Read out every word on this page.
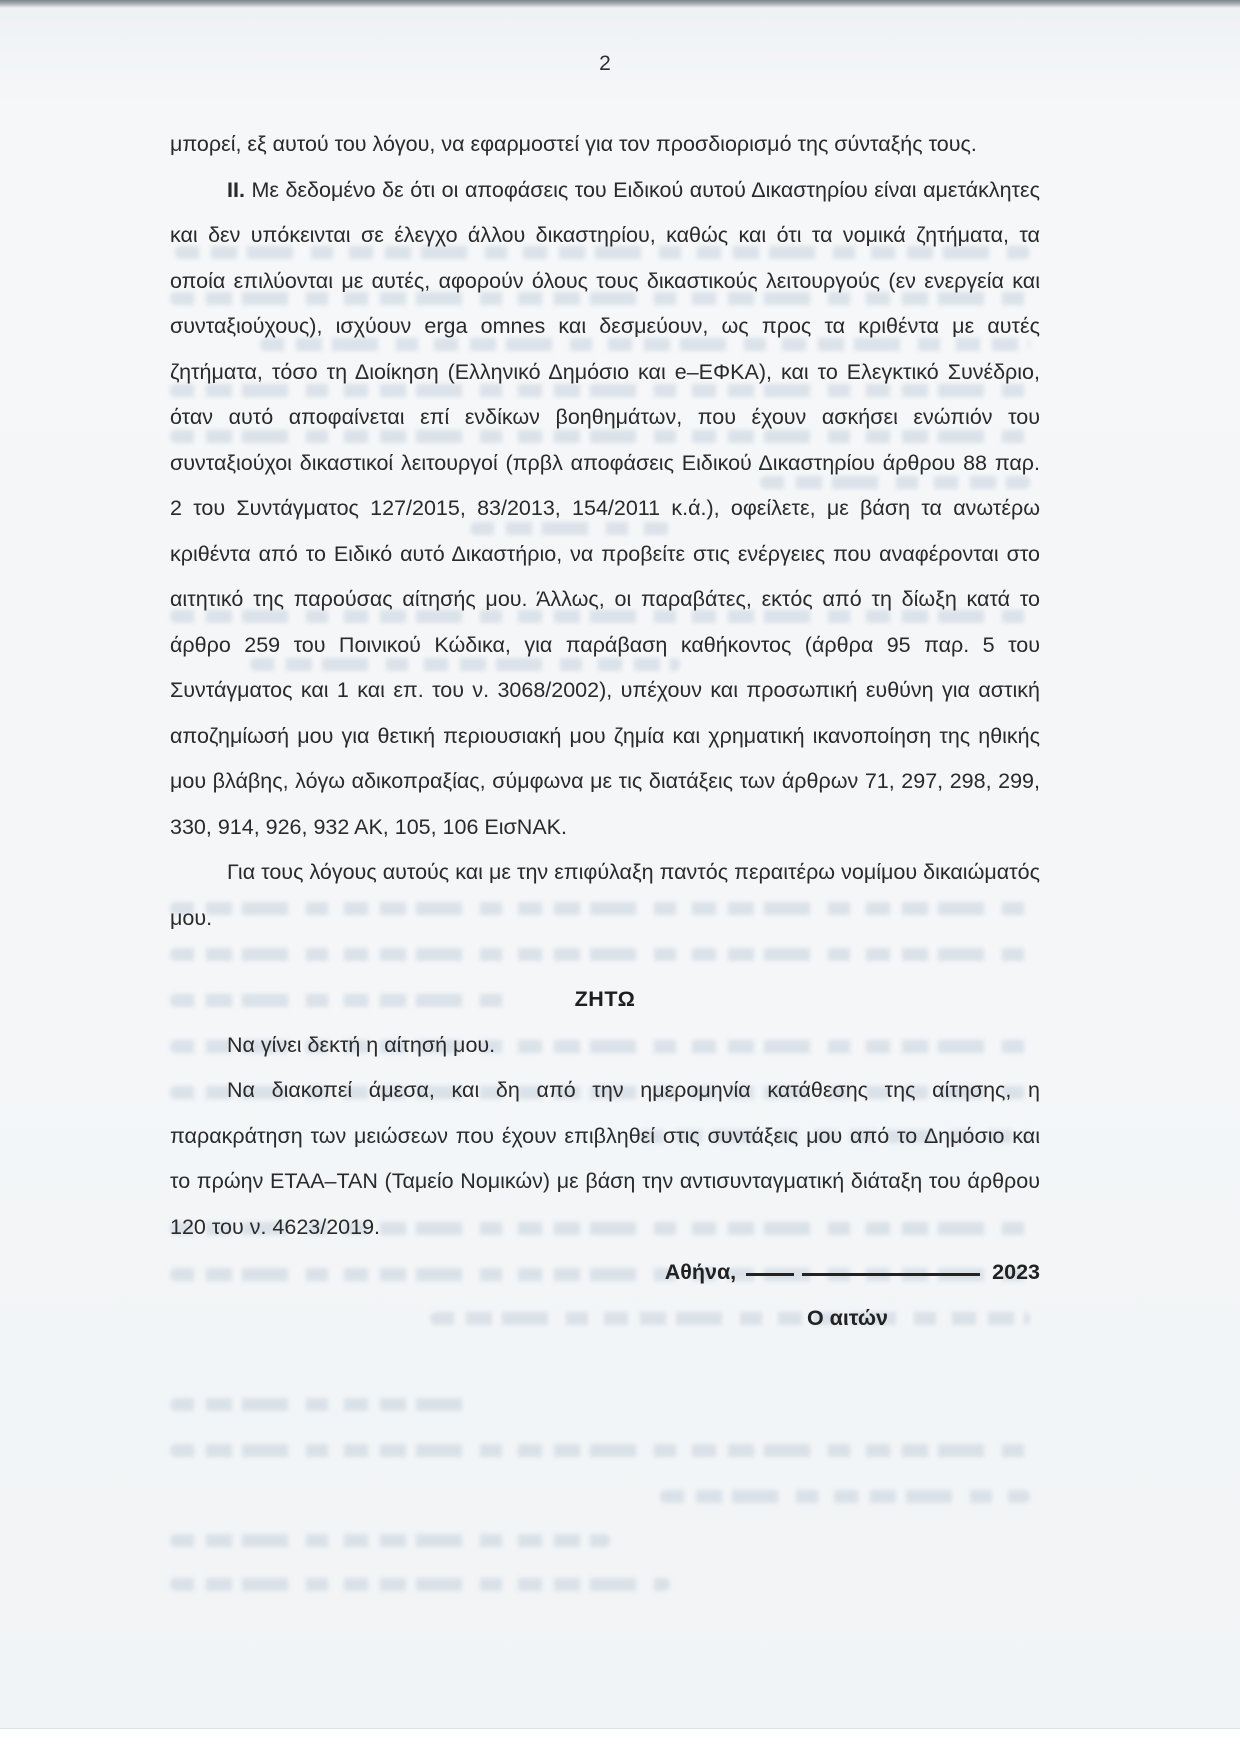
2

μπορεί, εξ αυτού του λόγου, να εφαρμοστεί για τον προσδιορισμό της σύνταξής τους.

II. Με δεδομένο δε ότι οι αποφάσεις του Ειδικού αυτού Δικαστηρίου είναι αμετάκλητες και δεν υπόκεινται σε έλεγχο άλλου δικαστηρίου, καθώς και ότι τα νομικά ζητήματα, τα οποία επιλύονται με αυτές, αφορούν όλους τους δικαστικούς λειτουργούς (εν ενεργεία και συνταξιούχους), ισχύουν erga omnes και δεσμεύουν, ως προς τα κριθέντα με αυτές ζητήματα, τόσο τη Διοίκηση (Ελληνικό Δημόσιο και e–ΕΦΚΑ), και το Ελεγκτικό Συνέδριο, όταν αυτό αποφαίνεται επί ενδίκων βοηθημάτων, που έχουν ασκήσει ενώπιόν του συνταξιούχοι δικαστικοί λειτουργοί (πρβλ αποφάσεις Ειδικού Δικαστηρίου άρθρου 88 παρ. 2 του Συντάγματος 127/2015, 83/2013, 154/2011 κ.ά.), οφείλετε, με βάση τα ανωτέρω κριθέντα από το Ειδικό αυτό Δικαστήριο, να προβείτε στις ενέργειες που αναφέρονται στο αιτητικό της παρούσας αίτησής μου. Άλλως, οι παραβάτες, εκτός από τη δίωξη κατά το άρθρο 259 του Ποινικού Κώδικα, για παράβαση καθήκοντος (άρθρα 95 παρ. 5 του Συντάγματος και 1 και επ. του ν. 3068/2002), υπέχουν και προσωπική ευθύνη για αστική αποζημίωσή μου για θετική περιουσιακή μου ζημία και χρηματική ικανοποίηση της ηθικής μου βλάβης, λόγω αδικοπραξίας, σύμφωνα με τις διατάξεις των άρθρων 71, 297, 298, 299, 330, 914, 926, 932 ΑΚ, 105, 106 ΕισΝΑΚ.

Για τους λόγους αυτούς και με την επιφύλαξη παντός περαιτέρω νομίμου δικαιώματός μου.

ΖΗΤΩ

Να γίνει δεκτή η αίτησή μου.

Να διακοπεί άμεσα, και δη από την ημερομηνία κατάθεσης της αίτησης, η παρακράτηση των μειώσεων που έχουν επιβληθεί στις συντάξεις μου από το Δημόσιο και το πρώην ΕΤΑΑ–ΤΑΝ (Ταμείο Νομικών) με βάση την αντισυνταγματική διάταξη του άρθρου 120 του ν. 4623/2019.

Αθήνα,	2023

Ο αιτών
